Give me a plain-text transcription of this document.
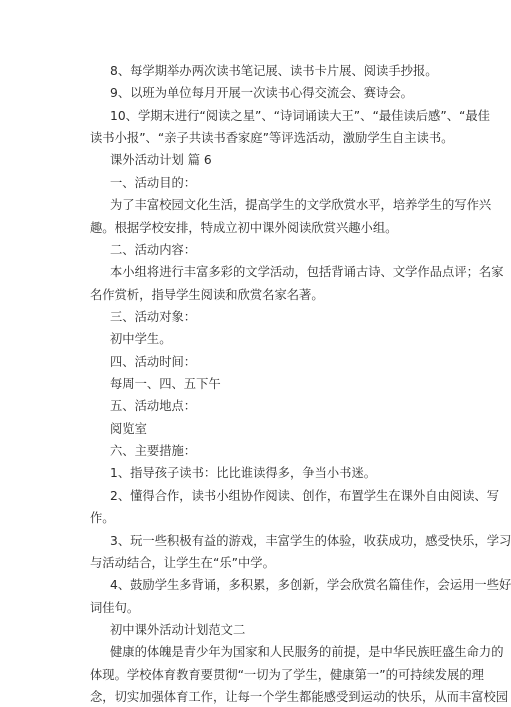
8、每学期举办两次读书笔记展、读书卡片展、阅读手抄报。
9、以班为单位每月开展一次读书心得交流会、赛诗会。
10、学期末进行“阅读之星”、“诗词诵读大王”、“最佳读后感”、“最佳
读书小报”、“亲子共读书香家庭”等评选活动，激励学生自主读书。
课外活动计划 篇 6
一、活动目的：
为了丰富校园文化生活，提高学生的文学欣赏水平，培养学生的写作兴
趣。根据学校安排，特成立初中课外阅读欣赏兴趣小组。
二、活动内容：
本小组将进行丰富多彩的文学活动，包括背诵古诗、文学作品点评；名家
名作赏析，指导学生阅读和欣赏名家名著。
三、活动对象：
初中学生。
四、活动时间：
每周一、四、五下午
五、活动地点：
阅览室
六、主要措施：
1、指导孩子读书：比比谁读得多，争当小书迷。
2、懂得合作，读书小组协作阅读、创作，布置学生在课外自由阅读、写
作。
3、玩一些积极有益的游戏，丰富学生的体验，收获成功，感受快乐，学习
与活动结合，让学生在“乐”中学。
4、鼓励学生多背诵，多积累，多创新，学会欣赏名篇佳作，会运用一些好
词佳句。
初中课外活动计划范文二
健康的体魄是青少年为国家和人民服务的前提，是中华民族旺盛生命力的
体现。学校体育教育要贯彻“一切为了学生，健康第一”的可持续发展的理
念，切实加强体育工作，让每一个学生都能感受到运动的快乐，从而丰富校园
